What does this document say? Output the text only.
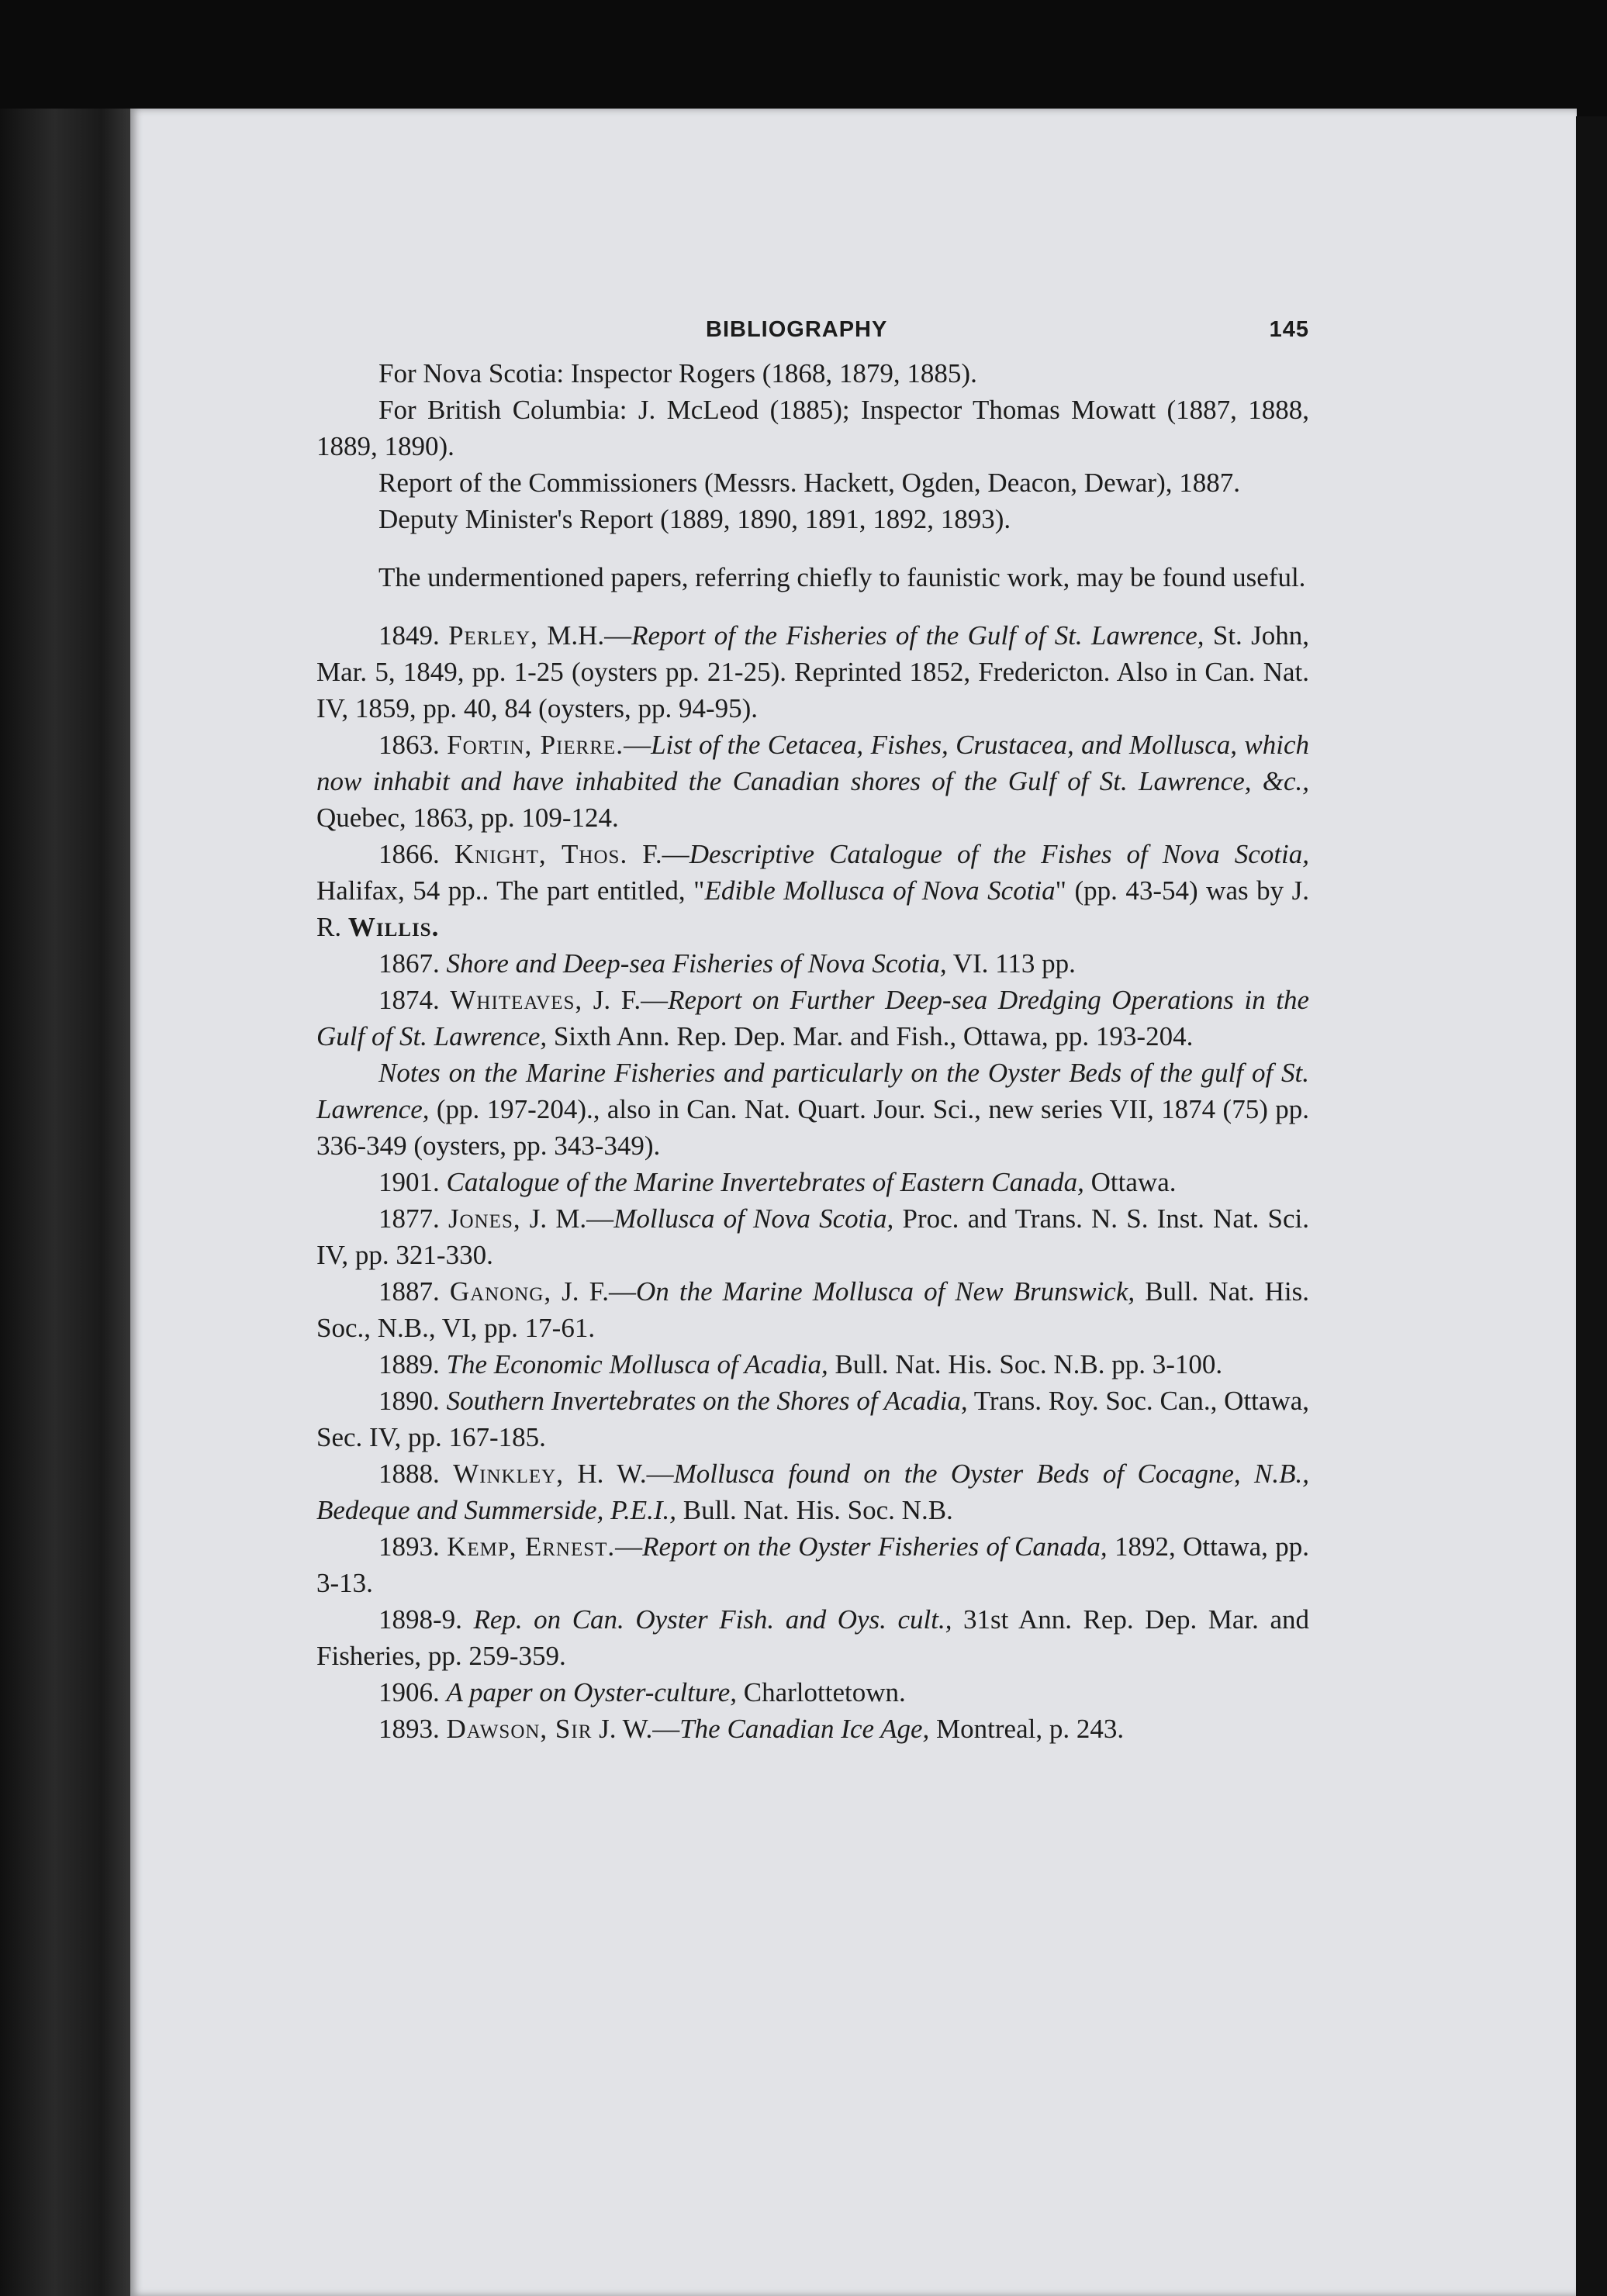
BIBLIOGRAPHY	145

For Nova Scotia: Inspector Rogers (1868, 1879, 1885).

For British Columbia: J. McLeod (1885); Inspector Thomas Mowatt (1887, 1888, 1889, 1890).

Report of the Commissioners (Messrs. Hackett, Ogden, Deacon, Dewar), 1887.

Deputy Minister's Report (1889, 1890, 1891, 1892, 1893).

The undermentioned papers, referring chiefly to faunistic work, may be found useful.

1849. Perley, M.H.—Report of the Fisheries of the Gulf of St. Lawrence, St. John, Mar. 5, 1849, pp. 1-25 (oysters pp. 21-25). Reprinted 1852, Fredericton. Also in Can. Nat. IV, 1859, pp. 40, 84 (oysters, pp. 94-95).

1863. Fortin, Pierre.—List of the Cetacea, Fishes, Crustacea, and Mollusca, which now inhabit and have inhabited the Canadian shores of the Gulf of St. Lawrence, &c., Quebec, 1863, pp. 109-124.

1866. Knight, Thos. F.—Descriptive Catalogue of the Fishes of Nova Scotia, Halifax, 54 pp.. The part entitled, "Edible Mollusca of Nova Scotia" (pp. 43-54) was by J. R. Willis.

1867. Shore and Deep-sea Fisheries of Nova Scotia, VI. 113 pp.

1874. Whiteaves, J. F.—Report on Further Deep-sea Dredging Operations in the Gulf of St. Lawrence, Sixth Ann. Rep. Dep. Mar. and Fish., Ottawa, pp. 193-204.

Notes on the Marine Fisheries and particularly on the Oyster Beds of the gulf of St. Lawrence, (pp. 197-204)., also in Can. Nat. Quart. Jour. Sci., new series VII, 1874 (75) pp. 336-349 (oysters, pp. 343-349).

1901. Catalogue of the Marine Invertebrates of Eastern Canada, Ottawa.

1877. Jones, J. M.—Mollusca of Nova Scotia, Proc. and Trans. N. S. Inst. Nat. Sci. IV, pp. 321-330.

1887. Ganong, J. F.—On the Marine Mollusca of New Brunswick, Bull. Nat. His. Soc., N.B., VI, pp. 17-61.

1889. The Economic Mollusca of Acadia, Bull. Nat. His. Soc. N.B. pp. 3-100.

1890. Southern Invertebrates on the Shores of Acadia, Trans. Roy. Soc. Can., Ottawa, Sec. IV, pp. 167-185.

1888. Winkley, H. W.—Mollusca found on the Oyster Beds of Cocagne, N.B., Bedeque and Summerside, P.E.I., Bull. Nat. His. Soc. N.B.

1893. Kemp, Ernest.—Report on the Oyster Fisheries of Canada, 1892, Ottawa, pp. 3-13.

1898-9. Rep. on Can. Oyster Fish. and Oys. cult., 31st Ann. Rep. Dep. Mar. and Fisheries, pp. 259-359.

1906. A paper on Oyster-culture, Charlottetown.

1893. Dawson, Sir J. W.—The Canadian Ice Age, Montreal, p. 243.
